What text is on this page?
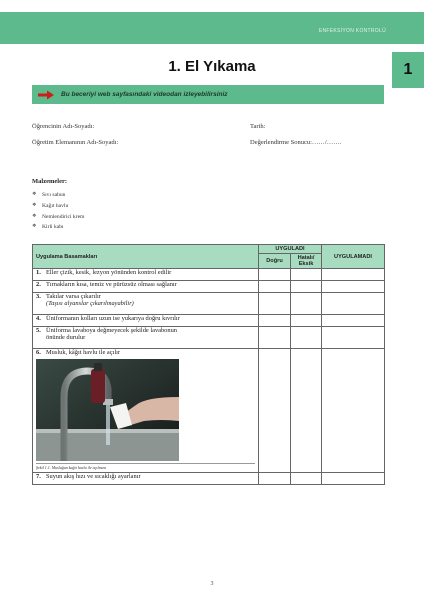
ENFEKSİYON KONTROLÜ
1
1. El Yıkama
Bu beceriyi web sayfasındaki videodan izleyebilirsiniz
Öğrencinin Adı-Soyadı:	Tarih:
Öğretim Elemanının Adı-Soyadı:	Değerlendirme Sonucu:……/…….
Malzemeler:
❖ Sıvı sabun
❖ Kağıt havlu
❖ Nemlendirici krem
❖ Kirli kabı
Uygulama Basamakları	UYGULADI		UYGULAMADI
	Doğru	Hatalı/ Eksik	
1. Eller çizik, kesik, lezyon yönünden kontrol edilir			
2. Tırnakların kısa, temiz ve pürüzsüz olması sağlanır			
3. Takılar varsa çıkarılır
(Taşısı alyanslar çıkarılmayabilir)			
4. Üniformanın kolları uzun ise yukarıya doğru kıvrılır			

5. Üniforma lavaboya değmeyecek şekilde lavabonun önünde durulur			

6. Musluk, kâğıt havlu ile açılır
Şekil 1.1. Musluğun kağıt havlu ile açılması			

7. Suyun akış hızı ve sıcaklığı ayarlanır			
3
